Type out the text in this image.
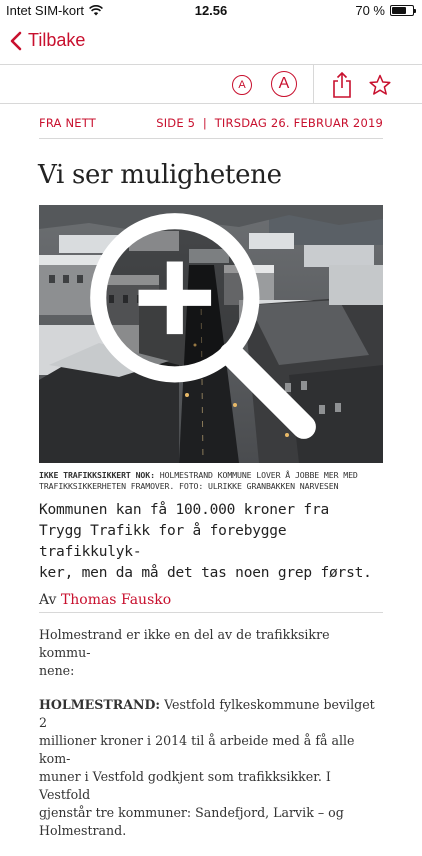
Intet SIM-kort	12.56	70 %
Tilbake
A A
FRA NETT	SIDE 5  |  TIRSDAG 26. FEBRUAR 2019
Vi ser mulighetene
IKKE TRAFIKKSIKKERT NOK: HOLMESTRAND KOMMUNE LOVER Å JOBBE MER MED TRAFIKKSIKKERHETEN FRAMOVER. FOTO: ULRIKKE GRANBAKKEN NARVESEN
Kommunen kan få 100.000 kroner fra
Trygg Trafikk for å forebygge trafikkulyk-
ker, men da må det tas noen grep først.
Av Thomas Fausko

Holmestrand er ikke en del av de trafikksikre kommu-
nene:

HOLMESTRAND: Vestfold fylkeskommune bevilget 2
millioner kroner i 2014 til å arbeide med å få alle kom-
muner i Vestfold godkjent som trafikksikker. I Vestfold
gjenstår tre kommuner: Sandefjord, Larvik – og
Holmestrand.
